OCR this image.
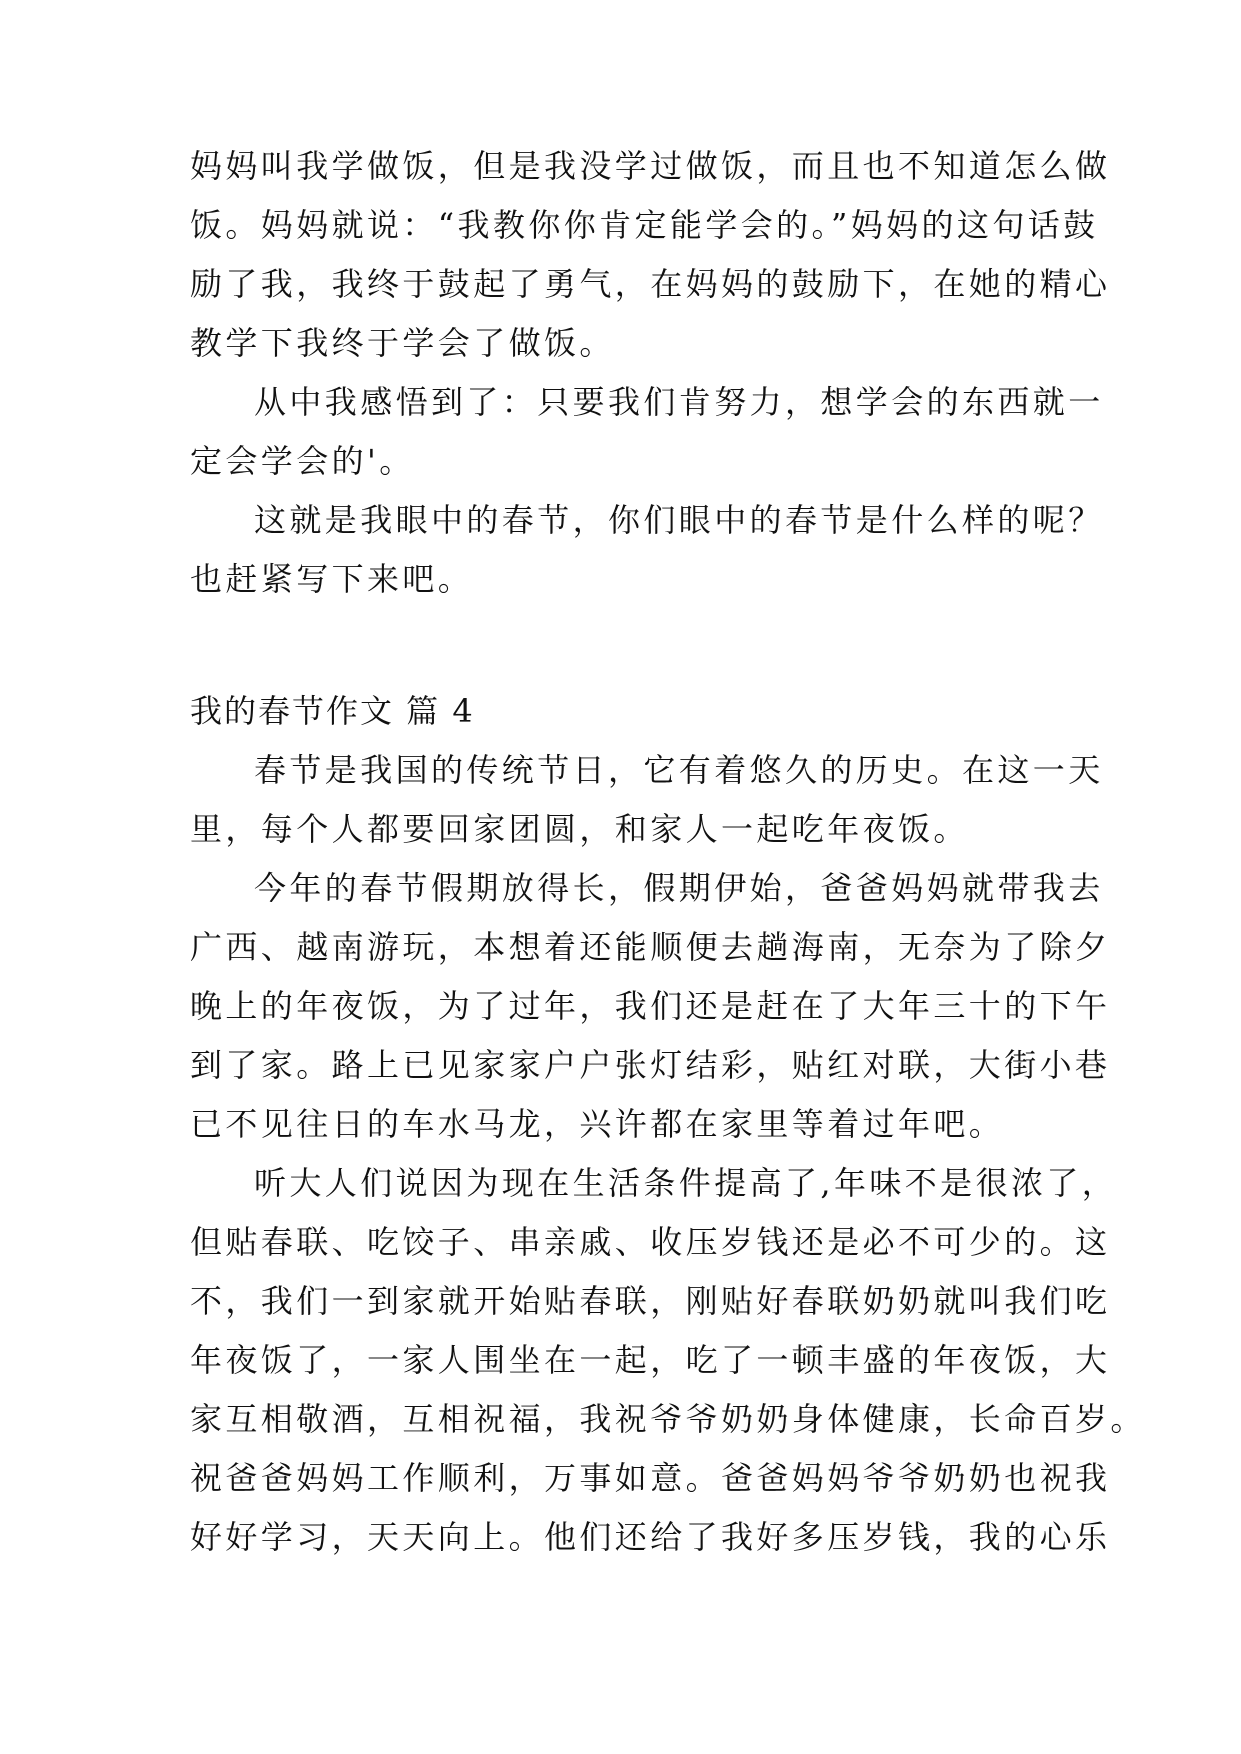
妈妈叫我学做饭，但是我没学过做饭，而且也不知道怎么做
饭。妈妈就说：“我教你你肯定能学会的。”妈妈的这句话鼓
励了我，我终于鼓起了勇气，在妈妈的鼓励下，在她的精心
教学下我终于学会了做饭。
从中我感悟到了：只要我们肯努力，想学会的东西就一
定会学会的'。
这就是我眼中的春节，你们眼中的春节是什么样的呢？
也赶紧写下来吧。
我的春节作文 篇 4
春节是我国的传统节日，它有着悠久的历史。在这一天
里，每个人都要回家团圆，和家人一起吃年夜饭。
今年的春节假期放得长，假期伊始，爸爸妈妈就带我去
广西、越南游玩，本想着还能顺便去趟海南，无奈为了除夕
晚上的年夜饭，为了过年，我们还是赶在了大年三十的下午
到了家。路上已见家家户户张灯结彩，贴红对联，大街小巷
已不见往日的车水马龙，兴许都在家里等着过年吧。
听大人们说因为现在生活条件提高了,年味不是很浓了，
但贴春联、吃饺子、串亲戚、收压岁钱还是必不可少的。这
不，我们一到家就开始贴春联，刚贴好春联奶奶就叫我们吃
年夜饭了，一家人围坐在一起，吃了一顿丰盛的年夜饭，大
家互相敬酒，互相祝福，我祝爷爷奶奶身体健康，长命百岁。
祝爸爸妈妈工作顺利，万事如意。爸爸妈妈爷爷奶奶也祝我
好好学习，天天向上。他们还给了我好多压岁钱，我的心乐
